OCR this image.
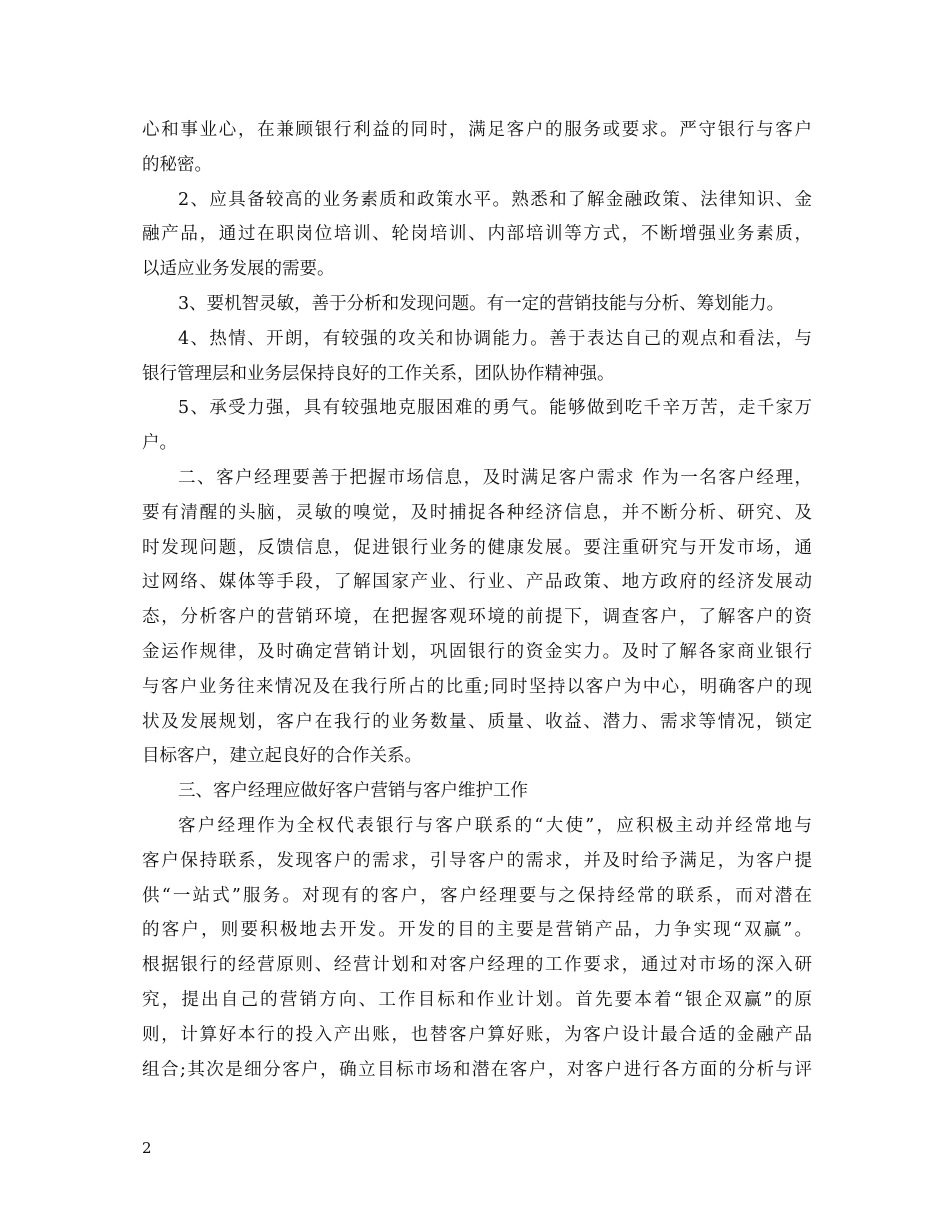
心和事业心，在兼顾银行利益的同时，满足客户的服务或要求。严守银行与客户
的秘密。
2、应具备较高的业务素质和政策水平。熟悉和了解金融政策、法律知识、金
融产品，通过在职岗位培训、轮岗培训、内部培训等方式，不断增强业务素质，
以适应业务发展的需要。
3、要机智灵敏，善于分析和发现问题。有一定的营销技能与分析、筹划能力。
4、热情、开朗，有较强的攻关和协调能力。善于表达自己的观点和看法，与
银行管理层和业务层保持良好的工作关系，团队协作精神强。
5、承受力强，具有较强地克服困难的勇气。能够做到吃千辛万苦，走千家万
户。
二、客户经理要善于把握市场信息，及时满足客户需求 作为一名客户经理，
要有清醒的头脑，灵敏的嗅觉，及时捕捉各种经济信息，并不断分析、研究、及
时发现问题，反馈信息，促进银行业务的健康发展。要注重研究与开发市场，通
过网络、媒体等手段，了解国家产业、行业、产品政策、地方政府的经济发展动
态，分析客户的营销环境，在把握客观环境的前提下，调查客户，了解客户的资
金运作规律，及时确定营销计划，巩固银行的资金实力。及时了解各家商业银行
与客户业务往来情况及在我行所占的比重;同时坚持以客户为中心，明确客户的现
状及发展规划，客户在我行的业务数量、质量、收益、潜力、需求等情况，锁定
目标客户，建立起良好的合作关系。
三、客户经理应做好客户营销与客户维护工作
客户经理作为全权代表银行与客户联系的“大使”，应积极主动并经常地与
客户保持联系，发现客户的需求，引导客户的需求，并及时给予满足，为客户提
供“一站式”服务。对现有的客户，客户经理要与之保持经常的联系，而对潜在
的客户，则要积极地去开发。开发的目的主要是营销产品，力争实现“双赢”。
根据银行的经营原则、经营计划和对客户经理的工作要求，通过对市场的深入研
究，提出自己的营销方向、工作目标和作业计划。首先要本着“银企双赢”的原
则，计算好本行的投入产出账，也替客户算好账，为客户设计最合适的金融产品
组合;其次是细分客户，确立目标市场和潜在客户，对客户进行各方面的分析与评
2
